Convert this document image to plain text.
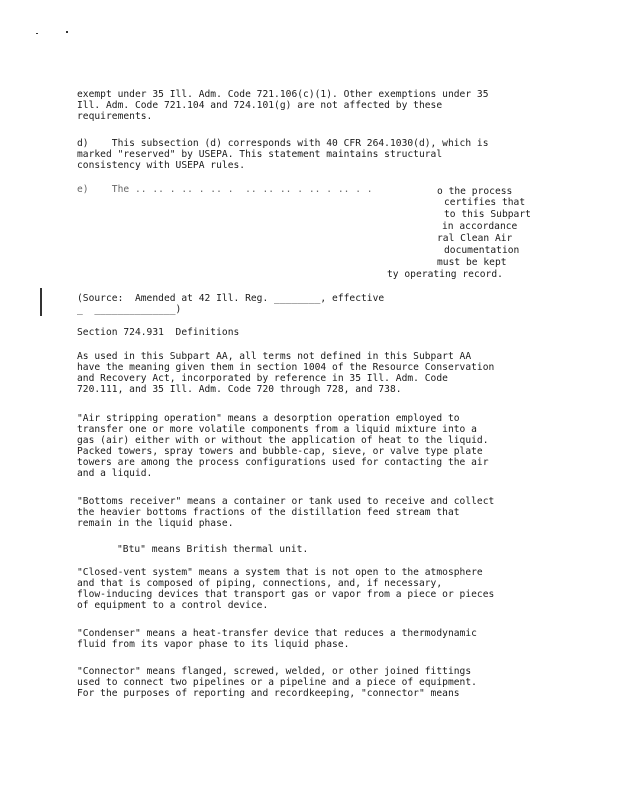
exempt under 35 Ill. Adm. Code 721.106(c)(1). Other exemptions under 35
Ill. Adm. Code 721.104 and 724.101(g) are not affected by these
requirements.
d)    This subsection (d) corresponds with 40 CFR 264.1030(d), which is
marked "reserved" by USEPA. This statement maintains structural
consistency with USEPA rules.
e)    The .. .. . .. . .. .  .. .. .. . .. . .. . .	o the process
certifies that
to this Subpart
in accordance
ral Clean Air
documentation
must be kept
ty operating record.
(Source:  Amended at 42 Ill. Reg. ________, effective
_  ______________)
Section 724.931  Definitions
As used in this Subpart AA, all terms not defined in this Subpart AA
have the meaning given them in section 1004 of the Resource Conservation
and Recovery Act, incorporated by reference in 35 Ill. Adm. Code
720.111, and 35 Ill. Adm. Code 720 through 728, and 738.
"Air stripping operation" means a desorption operation employed to
transfer one or more volatile components from a liquid mixture into a
gas (air) either with or without the application of heat to the liquid.
Packed towers, spray towers and bubble-cap, sieve, or valve type plate
towers are among the process configurations used for contacting the air
and a liquid.
"Bottoms receiver" means a container or tank used to receive and collect
the heavier bottoms fractions of the distillation feed stream that
remain in the liquid phase.
"Btu" means British thermal unit.
"Closed-vent system" means a system that is not open to the atmosphere
and that is composed of piping, connections, and, if necessary,
flow-inducing devices that transport gas or vapor from a piece or pieces
of equipment to a control device.
"Condenser" means a heat-transfer device that reduces a thermodynamic
fluid from its vapor phase to its liquid phase.
"Connector" means flanged, screwed, welded, or other joined fittings
used to connect two pipelines or a pipeline and a piece of equipment.
For the purposes of reporting and recordkeeping, "connector" means
